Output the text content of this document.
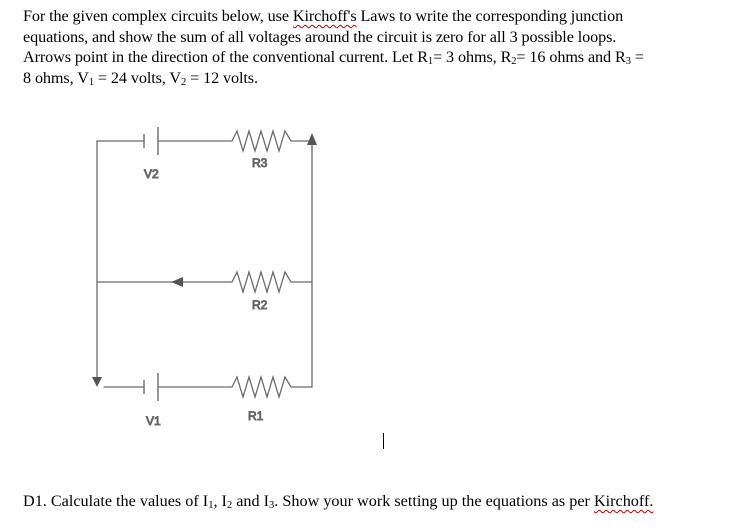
For the given complex circuits below, use Kirchoff's Laws to write the corresponding junction
equations, and show the sum of all voltages around the circuit is zero for all 3 possible loops.
Arrows point in the direction of the conventional current. Let $R_1= 3$ ohms, $R_2= 16$ ohms and $R_3$ =
8 ohms, $V_1 = 24$ volts, $V_2 = 12$ volts.
V2
R3
R2
V1	R1
D1. Calculate the values of $I_1$, $I_2$ and $I_3$. Show your work setting up the equations as per Kirchoff.
